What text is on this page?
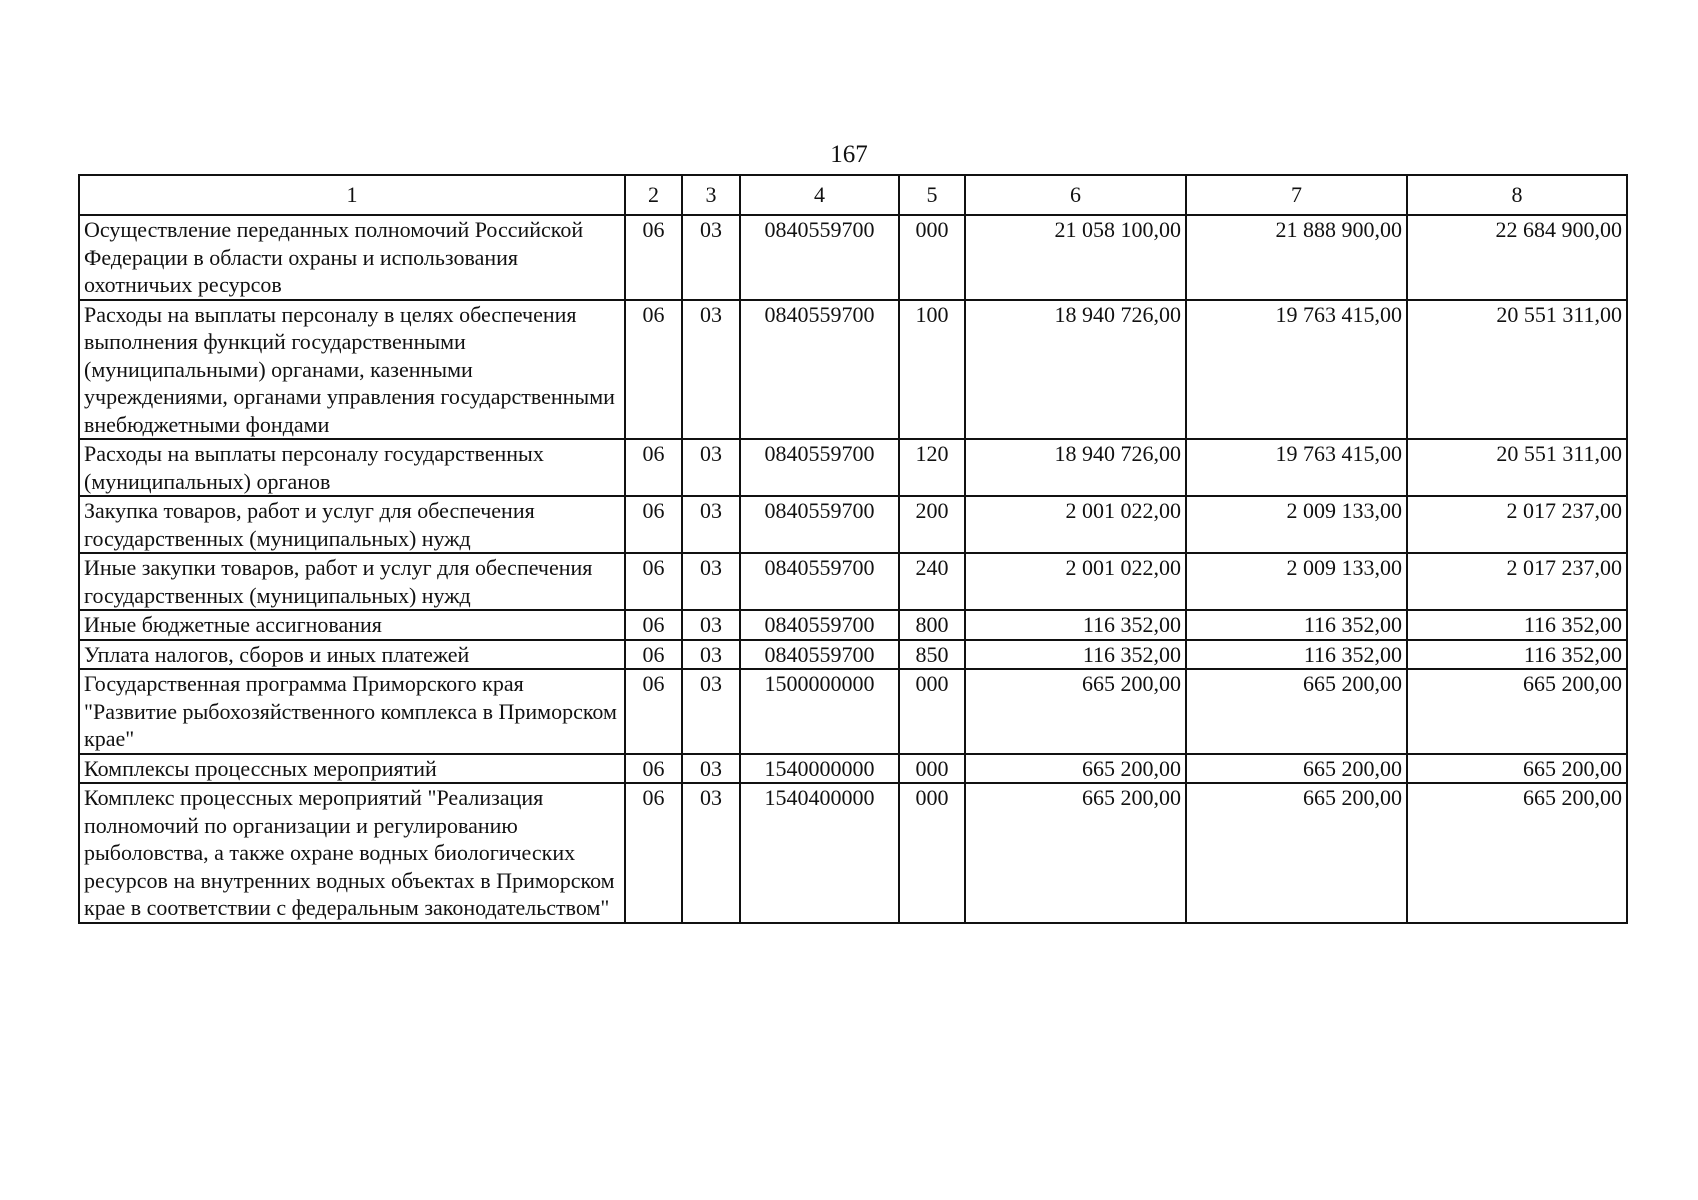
167
1	2	3	4	5	6	7	8
Осуществление переданных полномочий Российской Федерации в области охраны и использования охотничьих ресурсов	06	03	0840559700	000	21 058 100,00	21 888 900,00	22 684 900,00
Расходы на выплаты персоналу в целях обеспечения выполнения функций государственными (муниципальными) органами, казенными учреждениями, органами управления государственными внебюджетными фондами	06	03	0840559700	100	18 940 726,00	19 763 415,00	20 551 311,00
Расходы на выплаты персоналу государственных (муниципальных) органов	06	03	0840559700	120	18 940 726,00	19 763 415,00	20 551 311,00
Закупка товаров, работ и услуг для обеспечения государственных (муниципальных) нужд	06	03	0840559700	200	2 001 022,00	2 009 133,00	2 017 237,00
Иные закупки товаров, работ и услуг для обеспечения государственных (муниципальных) нужд	06	03	0840559700	240	2 001 022,00	2 009 133,00	2 017 237,00
Иные бюджетные ассигнования	06	03	0840559700	800	116 352,00	116 352,00	116 352,00
Уплата налогов, сборов и иных платежей	06	03	0840559700	850	116 352,00	116 352,00	116 352,00
Государственная программа Приморского края "Развитие рыбохозяйственного комплекса в Приморском крае"	06	03	1500000000	000	665 200,00	665 200,00	665 200,00
Комплексы процессных мероприятий	06	03	1540000000	000	665 200,00	665 200,00	665 200,00
Комплекс процессных мероприятий "Реализация полномочий по организации и регулированию рыболовства, а также охране водных биологических ресурсов на внутренних водных объектах в Приморском крае в соответствии с федеральным законодательством"	06	03	1540400000	000	665 200,00	665 200,00	665 200,00
